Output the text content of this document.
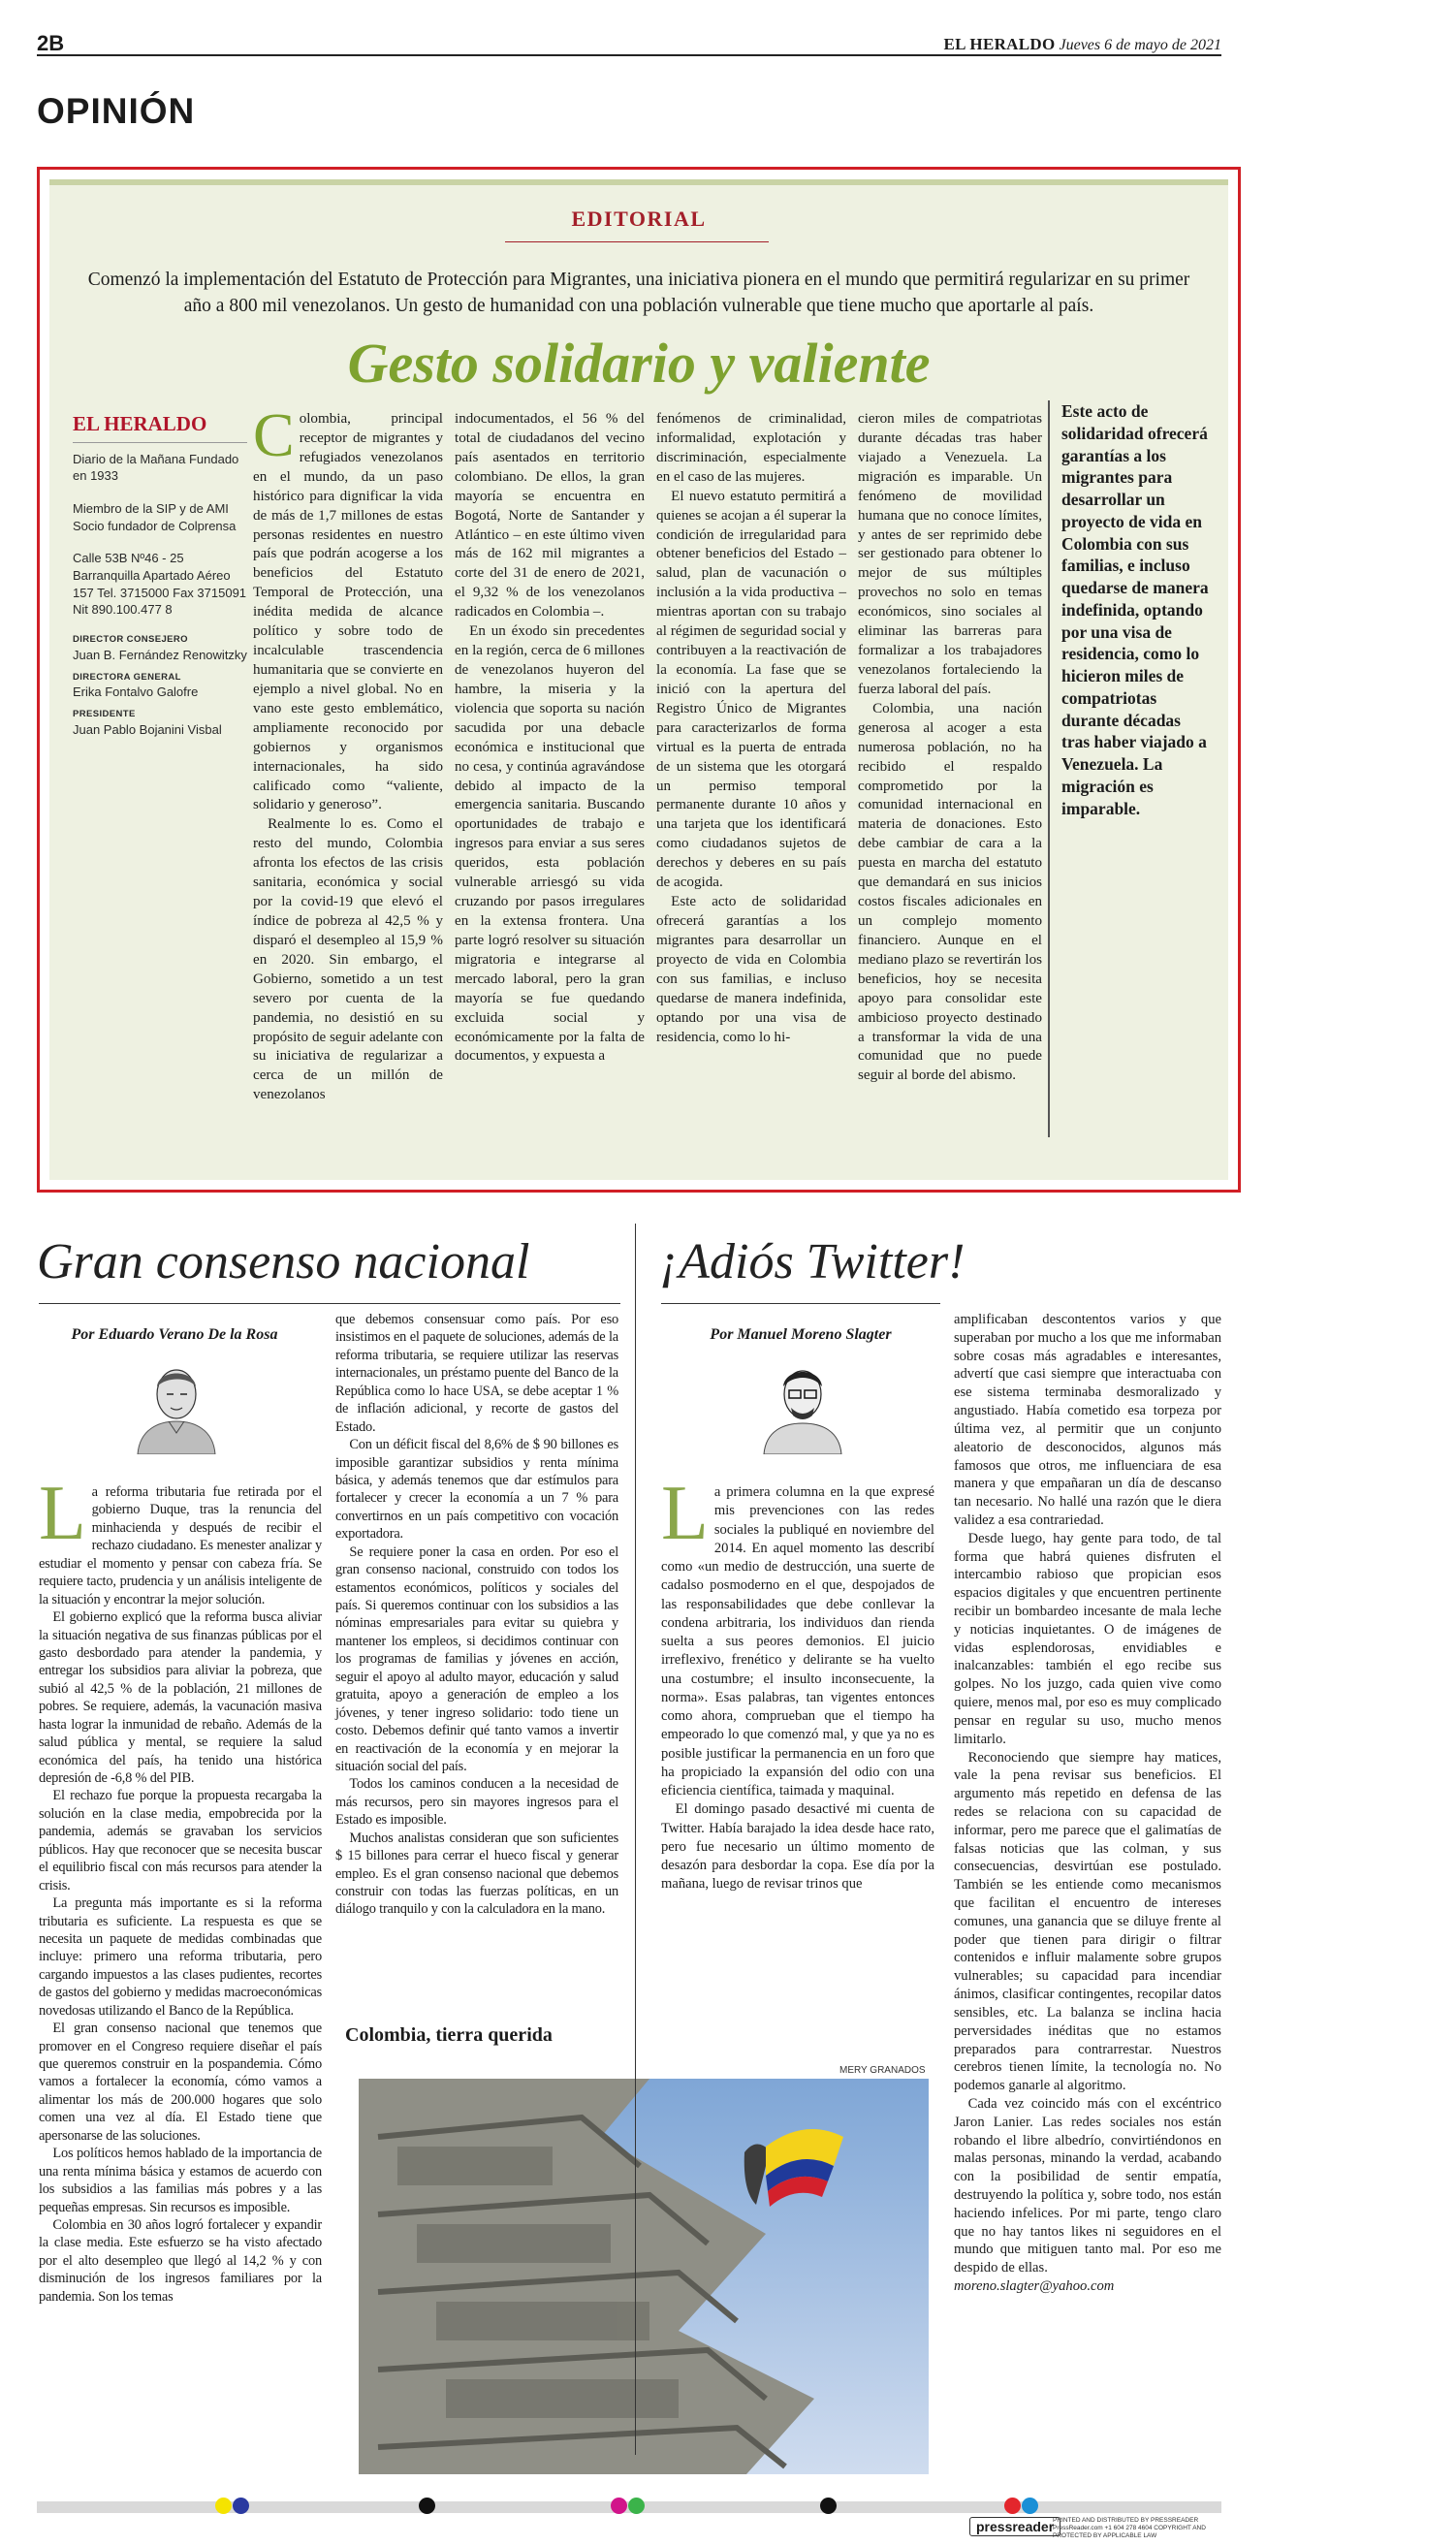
2B	EL HERALDO Jueves 6 de mayo de 2021
OPINIÓN
EDITORIAL
Comenzó la implementación del Estatuto de Protección para Migrantes, una iniciativa pionera en el mundo que permitirá regularizar en su primer año a 800 mil venezolanos. Un gesto de humanidad con una población vulnerable que tiene mucho que aportarle al país.
Gesto solidario y valiente
EL HERALDO

Diario de la Mañana Fundado en 1933

Miembro de la SIP y de AMI Socio fundador de Colprensa

Calle 53B Nº46 - 25 Barranquilla Apartado Aéreo 157 Tel. 3715000 Fax 3715091 Nit 890.100.477 8

DIRECTOR CONSEJERO
Juan B. Fernández Renowitzky
DIRECTORA GENERAL
Erika Fontalvo Galofre
PRESIDENTE
Juan Pablo Bojanini Visbal

Colombia, principal receptor de migrantes y refugiados venezolanos en el mundo, da un paso histórico para dignificar la vida de más de 1,7 millones de estas personas residentes en nuestro país que podrán acogerse a los beneficios del Estatuto Temporal de Protección, una inédita medida de alcance político y sobre todo de incalculable trascendencia humanitaria que se convierte en ejemplo a nivel global. No en vano este gesto emblemático, ampliamente reconocido por gobiernos y organismos internacionales, ha sido calificado como “valiente, solidario y generoso”.

Realmente lo es. Como el resto del mundo, Colombia afronta los efectos de las crisis sanitaria, económica y social por la covid-19 que elevó el índice de pobreza al 42,5 % y disparó el desempleo al 15,9 % en 2020. Sin embargo, el Gobierno, sometido a un test severo por cuenta de la pandemia, no desistió en su propósito de seguir adelante con su iniciativa de regularizar a cerca de un millón de venezolanos

indocumentados, el 56 % del total de ciudadanos del vecino país asentados en territorio colombiano. De ellos, la gran mayoría se encuentra en Bogotá, Norte de Santander y Atlántico – en este último viven más de 162 mil migrantes a corte del 31 de enero de 2021, el 9,32 % de los venezolanos radicados en Colombia –.

En un éxodo sin precedentes en la región, cerca de 6 millones de venezolanos huyeron del hambre, la miseria y la violencia que soporta su nación sacudida por una debacle económica e institucional que no cesa, y continúa agravándose debido al impacto de la emergencia sanitaria. Buscando oportunidades de trabajo e ingresos para enviar a sus seres queridos, esta población vulnerable arriesgó su vida cruzando por pasos irregulares en la extensa frontera. Una parte logró resolver su situación migratoria e integrarse al mercado laboral, pero la gran mayoría se fue quedando excluida social y económicamente por la falta de documentos, y expuesta a

fenómenos de criminalidad, informalidad, explotación y discriminación, especialmente en el caso de las mujeres.

El nuevo estatuto permitirá a quienes se acojan a él superar la condición de irregularidad para obtener beneficios del Estado – salud, plan de vacunación o inclusión a la vida productiva –mientras aportan con su trabajo al régimen de seguridad social y contribuyen a la reactivación de la economía. La fase que se inició con la apertura del Registro Único de Migrantes para caracterizarlos de forma virtual es la puerta de entrada de un sistema que les otorgará un permiso temporal permanente durante 10 años y una tarjeta que los identificará como ciudadanos sujetos de derechos y deberes en su país de acogida.

Este acto de solidaridad ofrecerá garantías a los migrantes para desarrollar un proyecto de vida en Colombia con sus familias, e incluso quedarse de manera indefinida, optando por una visa de residencia, como lo hi-

cieron miles de compatriotas durante décadas tras haber viajado a Venezuela. La migración es imparable. Un fenómeno de movilidad humana que no conoce límites, y antes de ser reprimido debe ser gestionado para obtener lo mejor de sus múltiples provechos no solo en temas económicos, sino sociales al eliminar las barreras para formalizar a los trabajadores venezolanos fortaleciendo la fuerza laboral del país.

Colombia, una nación generosa al acoger a esta numerosa población, no ha recibido el respaldo comprometido por la comunidad internacional en materia de donaciones. Esto debe cambiar de cara a la puesta en marcha del estatuto que demandará en sus inicios costos fiscales adicionales en un complejo momento financiero. Aunque en el mediano plazo se revertirán los beneficios, hoy se necesita apoyo para consolidar este ambicioso proyecto destinado a transformar la vida de una comunidad que no puede seguir al borde del abismo.

Este acto de solidaridad ofrecerá garantías a los migrantes para desarrollar un proyecto de vida en Colombia con sus familias, e incluso quedarse de manera indefinida, optando por una visa de residencia, como lo hicieron miles de compatriotas durante décadas tras haber viajado a Venezuela. La migración es imparable.
Gran consenso nacional
Por Eduardo Verano De la Rosa

La reforma tributaria fue retirada por el gobierno Duque, tras la renuncia del minhacienda y después de recibir el rechazo ciudadano. Es menester analizar y estudiar el momento y pensar con cabeza fría. Se requiere tacto, prudencia y un análisis inteligente de la situación y encontrar la mejor solución.

El gobierno explicó que la reforma busca aliviar la situación negativa de sus finanzas públicas por el gasto desbordado para atender la pandemia, y entregar los subsidios para aliviar la pobreza, que subió al 42,5 % de la población, 21 millones de pobres. Se requiere, además, la vacunación masiva hasta lograr la inmunidad de rebaño. Además de la salud pública y mental, se requiere la salud económica del país, ha tenido una histórica depresión de -6,8 % del PIB.

El rechazo fue porque la propuesta recargaba la solución en la clase media, empobrecida por la pandemia, además se gravaban los servicios públicos. Hay que reconocer que se necesita buscar el equilibrio fiscal con más recursos para atender la crisis.

La pregunta más importante es si la reforma tributaria es suficiente. La respuesta es que se necesita un paquete de medidas combinadas que incluye: primero una reforma tributaria, pero cargando impuestos a las clases pudientes, recortes de gastos del gobierno y medidas macroeconómicas novedosas utilizando el Banco de la República.

El gran consenso nacional que tenemos que promover en el Congreso requiere diseñar el país que queremos construir en la pospandemia. Cómo vamos a fortalecer la economía, cómo vamos a alimentar los más de 200.000 hogares que solo comen una vez al día. El Estado tiene que apersonarse de las soluciones.

Los políticos hemos hablado de la importancia de una renta mínima básica y estamos de acuerdo con los subsidios a las familias más pobres y a las pequeñas empresas. Sin recursos es imposible.

Colombia en 30 años logró fortalecer y expandir la clase media. Este esfuerzo se ha visto afectado por el alto desempleo que llegó al 14,2 % y con disminución de los ingresos familiares por la pandemia. Son los temas

que debemos consensuar como país. Por eso insistimos en el paquete de soluciones, además de la reforma tributaria, se requiere utilizar las reservas internacionales, un préstamo puente del Banco de la República como lo hace USA, se debe aceptar 1 % de inflación adicional, y recorte de gastos del Estado.

Con un déficit fiscal del 8,6% de $ 90 billones es imposible garantizar subsidios y renta mínima básica, y además tenemos que dar estímulos para fortalecer y crecer la economía a un 7 % para convertirnos en un país competitivo con vocación exportadora.

Se requiere poner la casa en orden. Por eso el gran consenso nacional, construido con todos los estamentos económicos, políticos y sociales del país. Si queremos continuar con los subsidios a las nóminas empresariales para evitar su quiebra y mantener los empleos, si decidimos continuar con los programas de familias y jóvenes en acción, seguir el apoyo al adulto mayor, educación y salud gratuita, apoyo a generación de empleo a los jóvenes, y tener ingreso solidario: todo tiene un costo. Debemos definir qué tanto vamos a invertir en reactivación de la economía y en mejorar la situación social del país.

Todos los caminos conducen a la necesidad de más recursos, pero sin mayores ingresos para el Estado es imposible.

Muchos analistas consideran que son suficientes $ 15 billones para cerrar el hueco fiscal y generar empleo. Es el gran consenso nacional que debemos construir con todas las fuerzas políticas, en un diálogo tranquilo y con la calculadora en la mano.

Colombia, tierra querida
MERY GRANADOS
¡Adiós Twitter!
Por Manuel Moreno Slagter

La primera columna en la que expresé mis prevenciones con las redes sociales la publiqué en noviembre del 2014. En aquel momento las describí como «un medio de destrucción, una suerte de cadalso posmoderno en el que, despojados de las responsabilidades que debe conllevar la condena arbitraria, los individuos dan rienda suelta a sus peores demonios. El juicio irreflexivo, frenético y delirante se ha vuelto una costumbre; el insulto inconsecuente, la norma». Esas palabras, tan vigentes entonces como ahora, comprueban que el tiempo ha empeorado lo que comenzó mal, y que ya no es posible justificar la permanencia en un foro que ha propiciado la expansión del odio con una eficiencia científica, taimada y maquinal.

El domingo pasado desactivé mi cuenta de Twitter. Había barajado la idea desde hace rato, pero fue necesario un último momento de desazón para desbordar la copa. Ese día por la mañana, luego de revisar trinos que

amplificaban descontentos varios y que superaban por mucho a los que me informaban sobre cosas más agradables e interesantes, advertí que casi siempre que interactuaba con ese sistema terminaba desmoralizado y angustiado. Había cometido esa torpeza por última vez, al permitir que un conjunto aleatorio de desconocidos, algunos más famosos que otros, me influenciara de esa manera y que empañaran un día de descanso tan necesario. No hallé una razón que le diera validez a esa contrariedad.

Desde luego, hay gente para todo, de tal forma que habrá quienes disfruten el intercambio rabioso que propician esos espacios digitales y que encuentren pertinente recibir un bombardeo incesante de mala leche y noticias inquietantes. O de imágenes de vidas esplendorosas, envidiables e inalcanzables: también el ego recibe sus golpes. No los juzgo, cada quien vive como quiere, menos mal, por eso es muy complicado pensar en regular su uso, mucho menos limitarlo.

Reconociendo que siempre hay matices, vale la pena revisar sus beneficios. El argumento más repetido en defensa de las redes se relaciona con su capacidad de informar, pero me parece que el galimatías de falsas noticias que las colman, y sus consecuencias, desvirtúan ese postulado. También se les entiende como mecanismos que facilitan el encuentro de intereses comunes, una ganancia que se diluye frente al poder que tienen para dirigir o filtrar contenidos e influir malamente sobre grupos vulnerables; su capacidad para incendiar ánimos, clasificar contingentes, recopilar datos sensibles, etc. La balanza se inclina hacia perversidades inéditas que no estamos preparados para contrarrestar. Nuestros cerebros tienen límite, la tecnología no. No podemos ganarle al algoritmo.

Cada vez coincido más con el excéntrico Jaron Lanier. Las redes sociales nos están robando el libre albedrío, convirtiéndonos en malas personas, minando la verdad, acabando con la posibilidad de sentir empatía, destruyendo la política y, sobre todo, nos están haciendo infelices. Por mi parte, tengo claro que no hay tantos likes ni seguidores en el mundo que mitiguen tanto mal. Por eso me despido de ellas.

moreno.slagter@yahoo.com

pressreader
PRINTED AND DISTRIBUTED BY PRESSREADER PressReader.com +1 604 278 4604 COPYRIGHT AND PROTECTED BY APPLICABLE LAW
